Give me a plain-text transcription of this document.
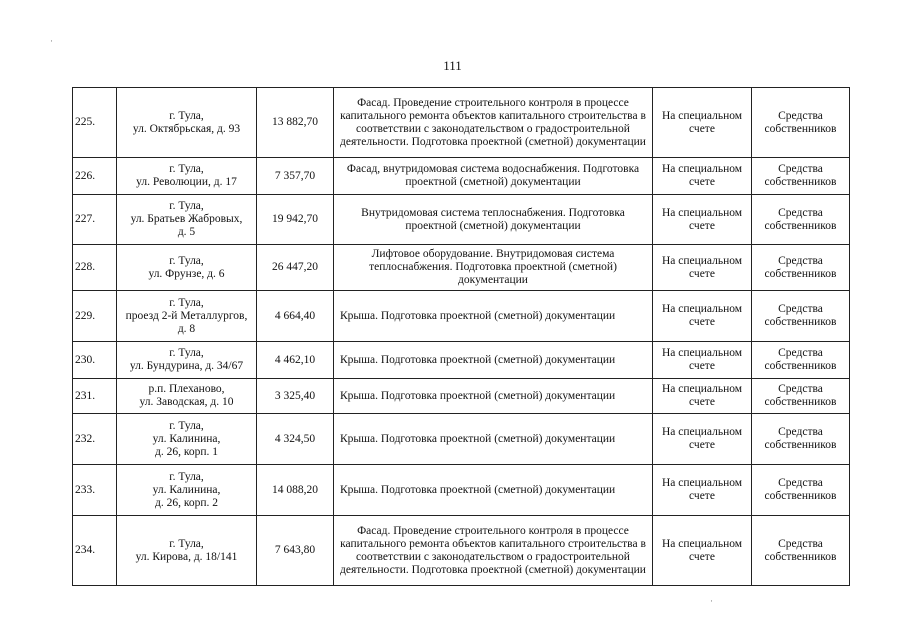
111
225.	г. Тула,
ул. Октябрьская, д. 93	13 882,70	Фасад. Проведение строительного контроля в процессе капитального ремонта объектов капитального строительства в соответствии с законодательством о градостроительной деятельности. Подготовка проектной (сметной) документации	На специальном счете	Средства собственников

226.	г. Тула,
ул. Революции, д. 17	7 357,70	Фасад, внутридомовая система водоснабжения. Подготовка проектной (сметной) документации	На специальном счете	Средства собственников

227.	г. Тула,
ул. Братьев Жабровых,
д. 5	19 942,70	Внутридомовая система теплоснабжения. Подготовка проектной (сметной) документации	На специальном счете	Средства собственников

228.	г. Тула,
ул. Фрунзе, д. 6	26 447,20	Лифтовое оборудование. Внутридомовая система теплоснабжения. Подготовка проектной (сметной) документации	На специальном счете	Средства собственников

229.	г. Тула,
проезд 2-й Металлургов,
д. 8	4 664,40	Крыша. Подготовка проектной (сметной) документации	На специальном счете	Средства собственников

230.	г. Тула,
ул. Бундурина, д. 34/67	4 462,10	Крыша. Подготовка проектной (сметной) документации	На специальном счете	Средства собственников

231.	р.п. Плеханово,
ул. Заводская, д. 10	3 325,40	Крыша. Подготовка проектной (сметной) документации	На специальном счете	Средства собственников

232.	г. Тула,
ул. Калинина,
д. 26, корп. 1	4 324,50	Крыша. Подготовка проектной (сметной) документации	На специальном счете	Средства собственников

233.	г. Тула,
ул. Калинина,
д. 26, корп. 2	14 088,20	Крыша. Подготовка проектной (сметной) документации	На специальном счете	Средства собственников

234.	г. Тула,
ул. Кирова, д. 18/141	7 643,80	Фасад. Проведение строительного контроля в процессе капитального ремонта объектов капитального строительства в соответствии с законодательством о градостроительной деятельности. Подготовка проектной (сметной) документации	На специальном счете	Средства собственников
·
·
